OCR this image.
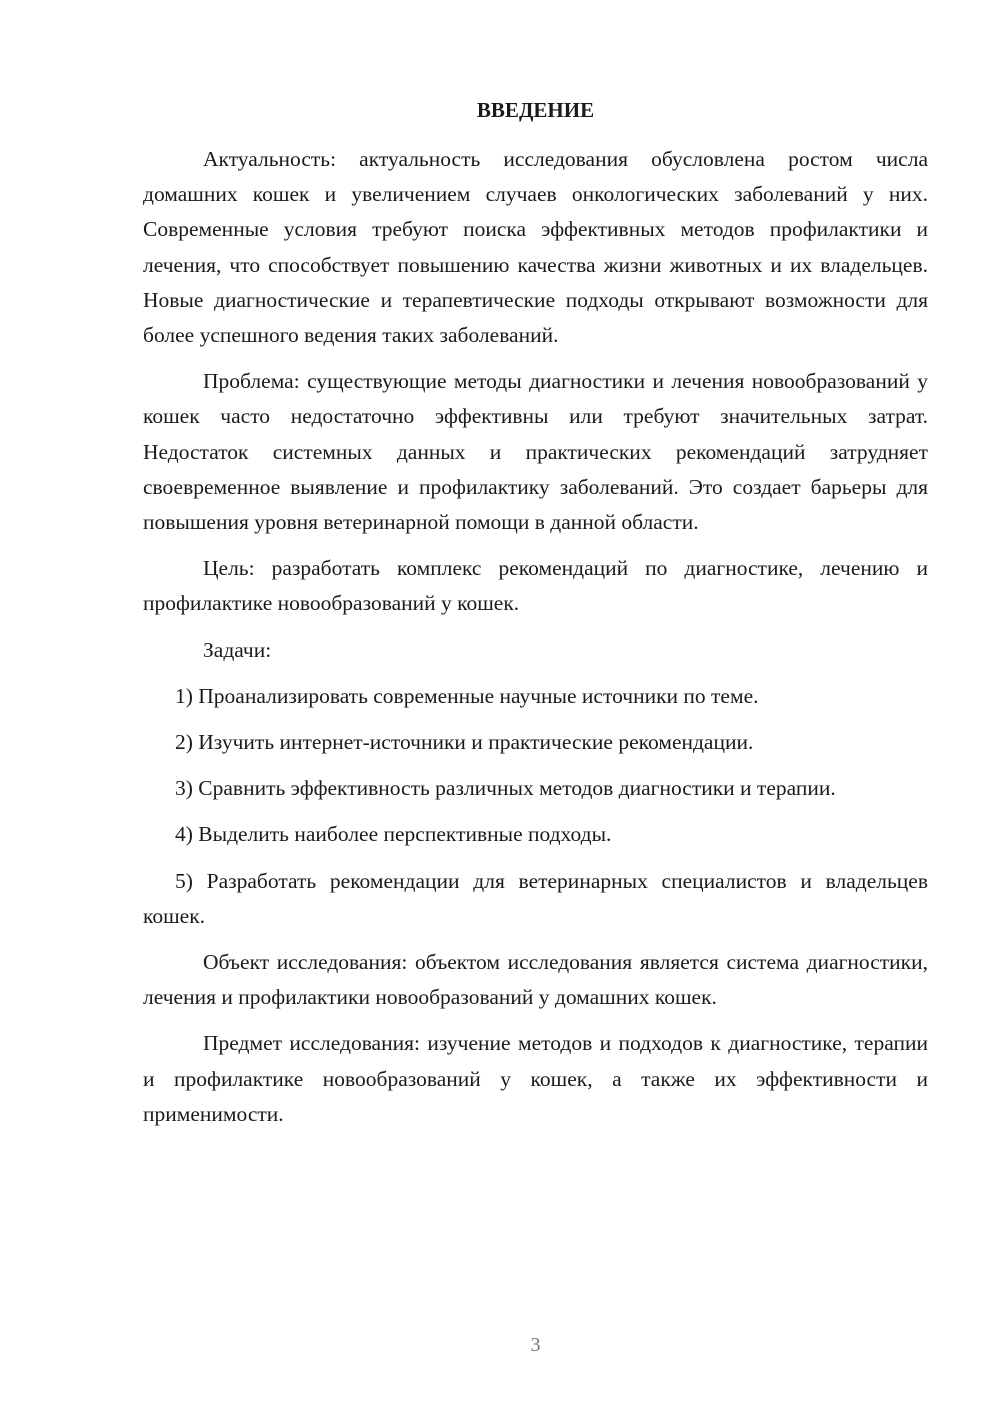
ВВЕДЕНИЕ

Актуальность: актуальность исследования обусловлена ростом числа домашних кошек и увеличением случаев онкологических заболеваний у них. Современные условия требуют поиска эффективных методов профилактики и лечения, что способствует повышению качества жизни животных и их владельцев. Новые диагностические и терапевтические подходы открывают возможности для более успешного ведения таких заболеваний.

Проблема: существующие методы диагностики и лечения новообразований у кошек часто недостаточно эффективны или требуют значительных затрат. Недостаток системных данных и практических рекомендаций затрудняет своевременное выявление и профилактику заболеваний. Это создает барьеры для повышения уровня ветеринарной помощи в данной области.

Цель: разработать комплекс рекомендаций по диагностике, лечению и профилактике новообразований у кошек.

Задачи:

1) Проанализировать современные научные источники по теме.

2) Изучить интернет-источники и практические рекомендации.

3) Сравнить эффективность различных методов диагностики и терапии.

4) Выделить наиболее перспективные подходы.

5) Разработать рекомендации для ветеринарных специалистов и владельцев кошек.

Объект исследования: объектом исследования является система диагностики, лечения и профилактики новообразований у домашних кошек.

Предмет исследования: изучение методов и подходов к диагностике, терапии и профилактике новообразований у кошек, а также их эффективности и применимости.

3
